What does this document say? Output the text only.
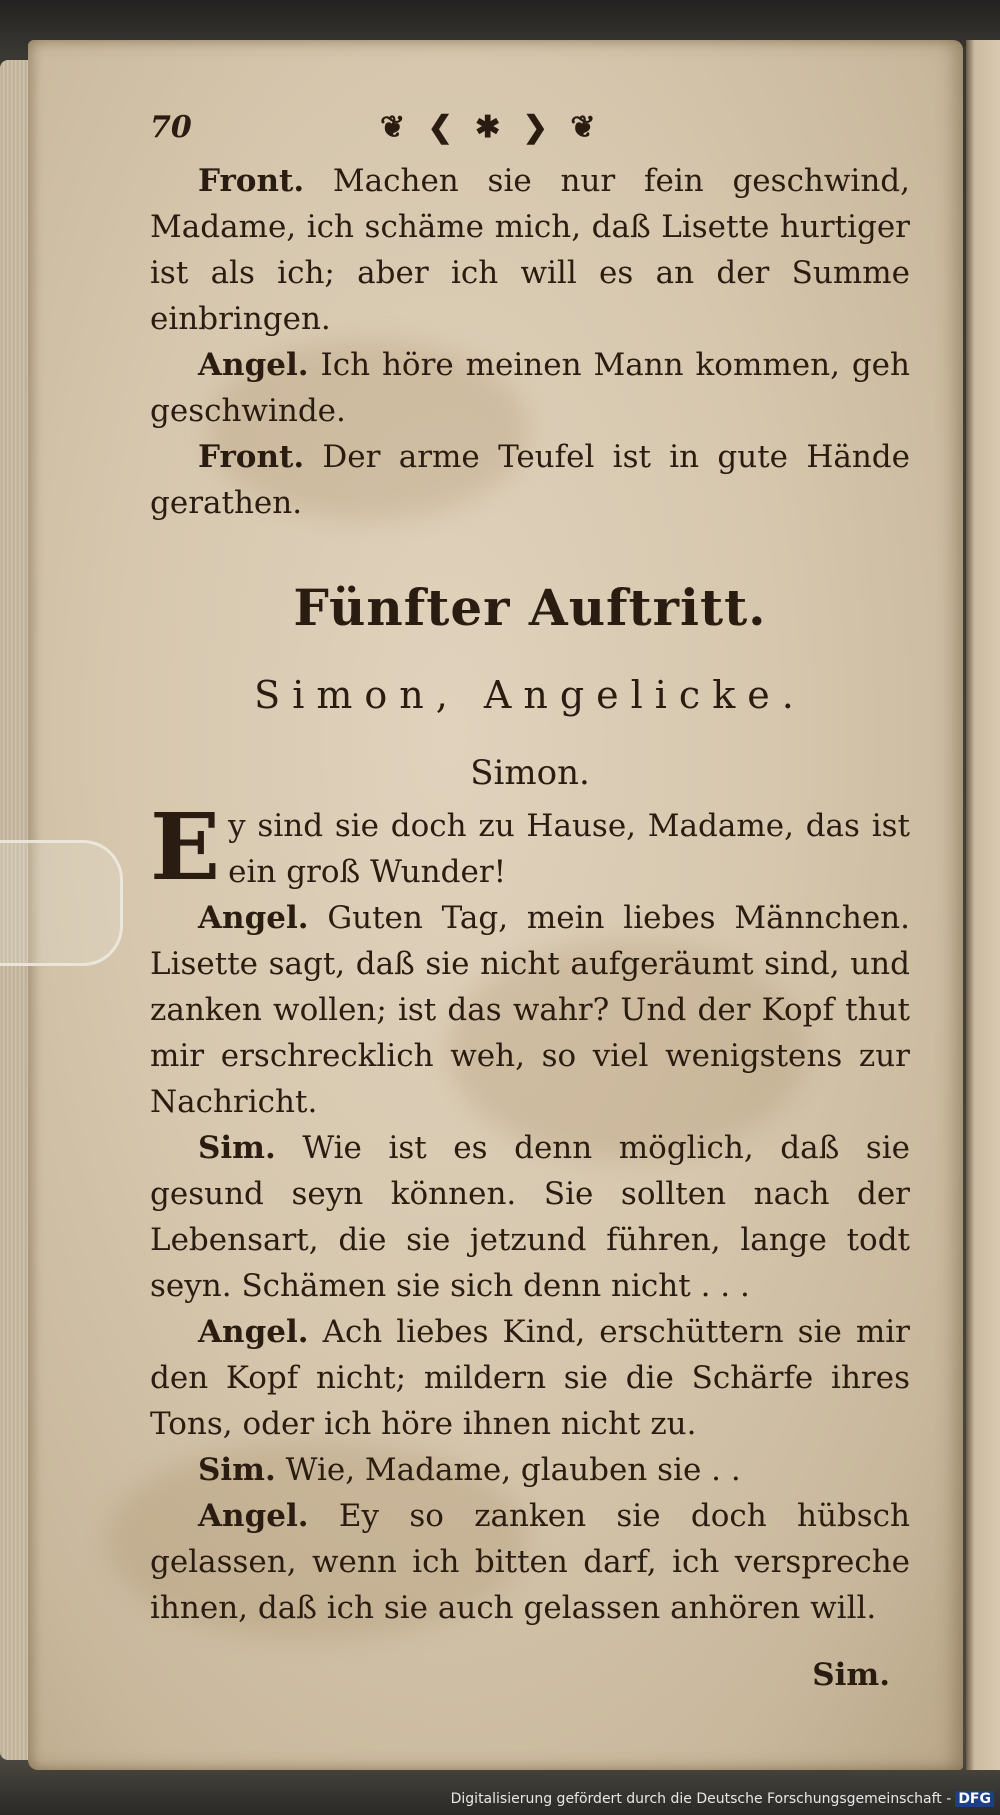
70	❦ ❮ ✱ ❯ ❦

Front. Machen sie nur fein geschwind, Madame, ich schäme mich, daß Lisette hurtiger ist als ich; aber ich will es an der Summe einbringen.

Angel. Ich höre meinen Mann kommen, geh geschwinde.

Front. Der arme Teufel ist in gute Hände gerathen.

Fünfter Auftritt.
Simon, Angelicke.
Simon.

Ey sind sie doch zu Hause, Madame, das ist ein groß Wunder!

Angel. Guten Tag, mein liebes Männchen. Lisette sagt, daß sie nicht aufgeräumt sind, und zanken wollen; ist das wahr? Und der Kopf thut mir erschrecklich weh, so viel wenigstens zur Nachricht.

Sim. Wie ist es denn möglich, daß sie gesund seyn können. Sie sollten nach der Lebensart, die sie jetzund führen, lange todt seyn. Schämen sie sich denn nicht . . .

Angel. Ach liebes Kind, erschüttern sie mir den Kopf nicht; mildern sie die Schärfe ihres Tons, oder ich höre ihnen nicht zu.

Sim. Wie, Madame, glauben sie . .

Angel. Ey so zanken sie doch hübsch gelassen, wenn ich bitten darf, ich verspreche ihnen, daß ich sie auch gelassen anhören will.

Sim.
Digitalisierung gefördert durch die Deutsche Forschungsgemeinschaft - DFG
